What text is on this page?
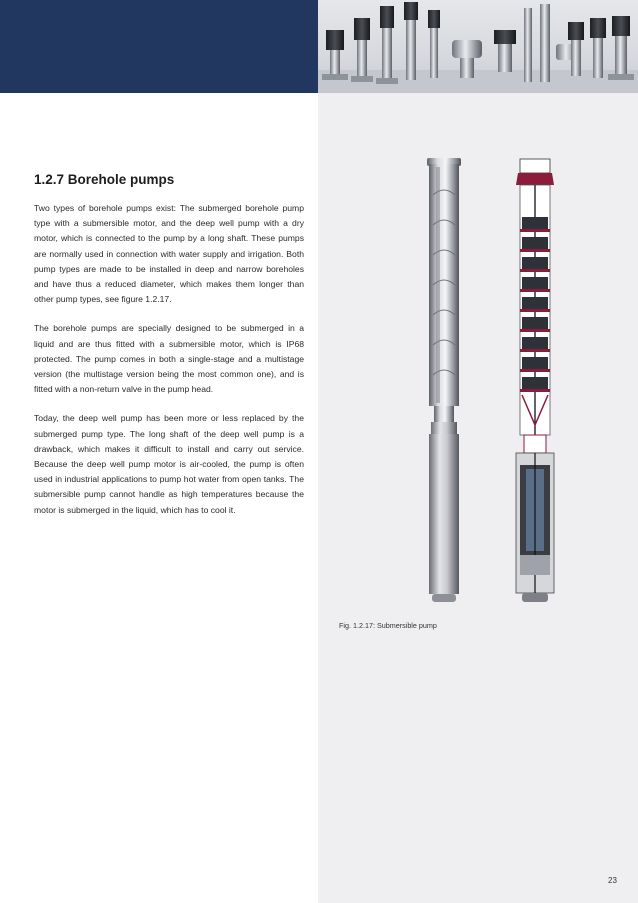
1.2.7 Borehole pumps

Two types of borehole pumps exist: The submerged borehole pump type with a submersible motor, and the deep well pump with a dry motor, which is connected to the pump by a long shaft. These pumps are normally used in connection with water supply and irrigation. Both pump types are made to be installed in deep and narrow boreholes and have thus a reduced diameter, which makes them longer than other pump types, see figure 1.2.17.

The borehole pumps are specially designed to be submerged in a liquid and are thus fitted with a submersible motor, which is IP68 protected. The pump comes in both a single-stage and a multistage version (the multistage version being the most common one), and is fitted with a non-return valve in the pump head.

Today, the deep well pump has been more or less replaced by the submerged pump type. The long shaft of the deep well pump is a drawback, which makes it difficult to install and carry out service. Because the deep well pump motor is air-cooled, the pump is often used in industrial applications to pump hot water from open tanks. The submersible pump cannot handle as high temperatures because the motor is submerged in the liquid, which has to cool it.

Fig. 1.2.17: Submersible pump

23
